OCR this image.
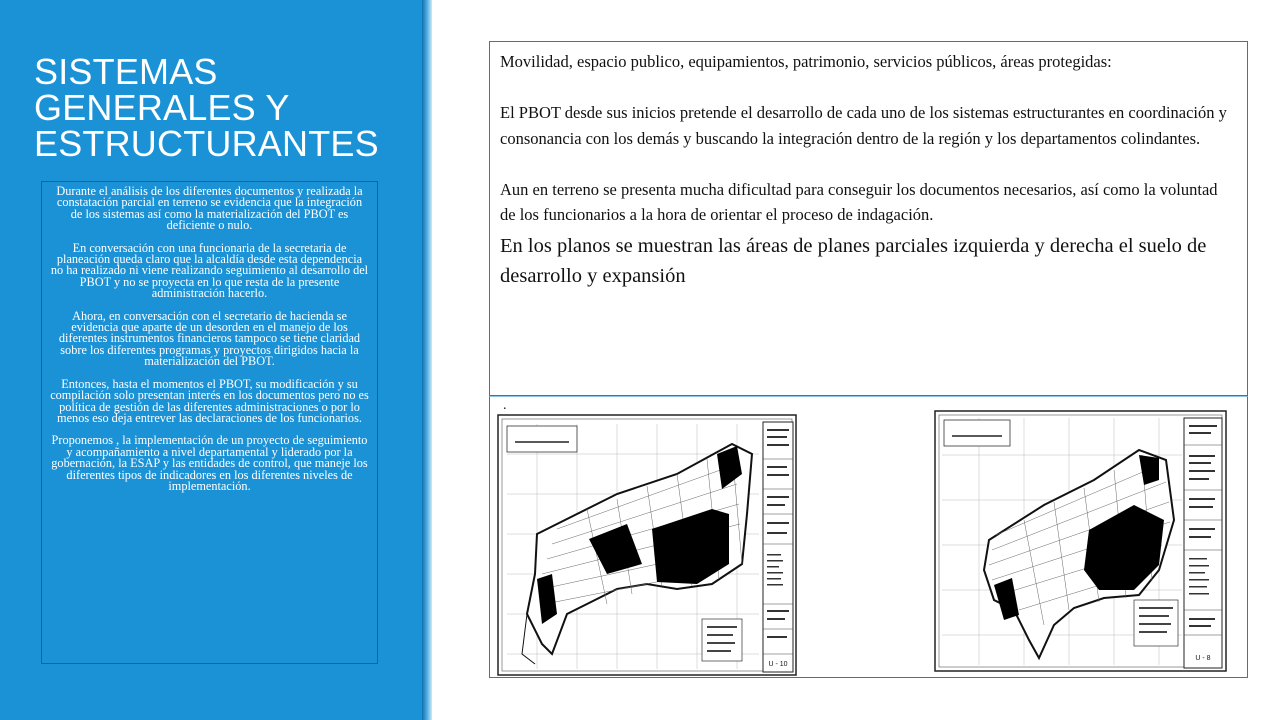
SISTEMAS
GENERALES Y
ESTRUCTURANTES

Durante el análisis de los diferentes documentos y realizada la constatación parcial en terreno se evidencia que la integración de los sistemas así como la materialización del PBOT es deficiente o nulo.

En conversación con una funcionaria de la secretaria de planeación queda claro que la alcaldía desde esta dependencia no ha realizado ni viene realizando seguimiento al desarrollo del PBOT y no se proyecta en lo que resta de la presente administración hacerlo.

Ahora, en conversación con el secretario de hacienda se evidencia que aparte de un desorden en el manejo de los diferentes instrumentos financieros tampoco se tiene claridad sobre los diferentes programas y proyectos dirigidos hacia la materialización del PBOT.

Entonces, hasta el momentos el PBOT, su modificación y su compilación solo presentan interés en los documentos pero no es política de gestión de las diferentes administraciones o por lo menos eso deja entrever las declaraciones de los funcionarios.

Proponemos , la implementación de un proyecto de seguimiento y acompañamiento a nivel departamental y liderado por la gobernación, la ESAP y las entidades de control, que maneje los diferentes tipos de indicadores en los diferentes niveles de implementación.

Movilidad, espacio publico, equipamientos, patrimonio, servicios públicos, áreas protegidas:

El PBOT desde sus inicios pretende el desarrollo de cada uno de los sistemas estructurantes en coordinación y consonancia con los demás y buscando la integración dentro de la región y los departamentos colindantes.

Aun en terreno se presenta mucha dificultad para conseguir los documentos necesarios, así como la voluntad de los funcionarios a la hora de orientar el proceso de indagación.

En los planos se muestran las áreas de planes parciales izquierda y derecha el suelo de desarrollo y expansión

.
U - 10
U - 8
